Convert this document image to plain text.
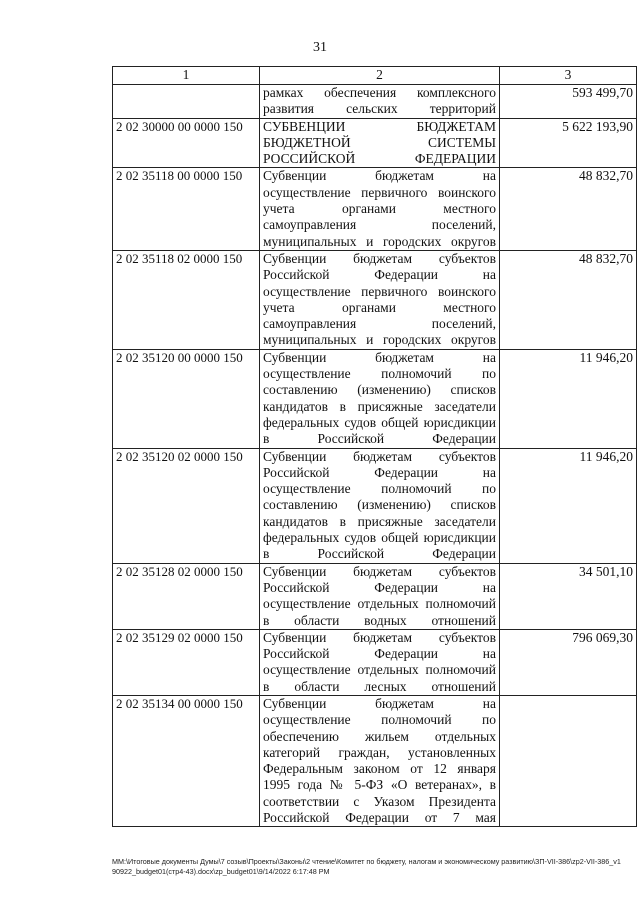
31
1	2	3
	рамках обеспечения комплексного развития сельских территорий	593 499,70
2 02 30000 00 0000 150	СУБВЕНЦИИ БЮДЖЕТАМ БЮДЖЕТНОЙ СИСТЕМЫ РОССИЙСКОЙ ФЕДЕРАЦИИ	5 622 193,90
2 02 35118 00 0000 150	Субвенции бюджетам на осуществление первичного воинского учета органами местного самоуправления поселений, муниципальных и городских округов	48 832,70
2 02 35118 02 0000 150	Субвенции бюджетам субъектов Российской Федерации на осуществление первичного воинского учета органами местного самоуправления поселений, муниципальных и городских округов	48 832,70
2 02 35120 00 0000 150	Субвенции бюджетам на осуществление полномочий по составлению (изменению) списков кандидатов в присяжные заседатели федеральных судов общей юрисдикции в Российской Федерации	11 946,20
2 02 35120 02 0000 150	Субвенции бюджетам субъектов Российской Федерации на осуществление полномочий по составлению (изменению) списков кандидатов в присяжные заседатели федеральных судов общей юрисдикции в Российской Федерации	11 946,20
2 02 35128 02 0000 150	Субвенции бюджетам субъектов Российской Федерации на осуществление отдельных полномочий в области водных отношений	34 501,10
2 02 35129 02 0000 150	Субвенции бюджетам субъектов Российской Федерации на осуществление отдельных полномочий в области лесных отношений	796 069,30
2 02 35134 00 0000 150	Субвенции бюджетам на осуществление полномочий по обеспечению жильем отдельных категорий граждан, установленных Федеральным законом от 12 января 1995 года № 5-ФЗ «О ветеранах», в соответствии с Указом Президента Российской Федерации от 7 мая	
ММ:\Итоговые документы Думы\7 созыв\Проекты\Законы\2 чтение\Комитет по бюджету, налогам и экономическому развитию\ЗП-VII-386\zp2-VII-386_v190922_budget01(стр4-43).docx\zp_budget01\9/14/2022 6:17:48 PM
